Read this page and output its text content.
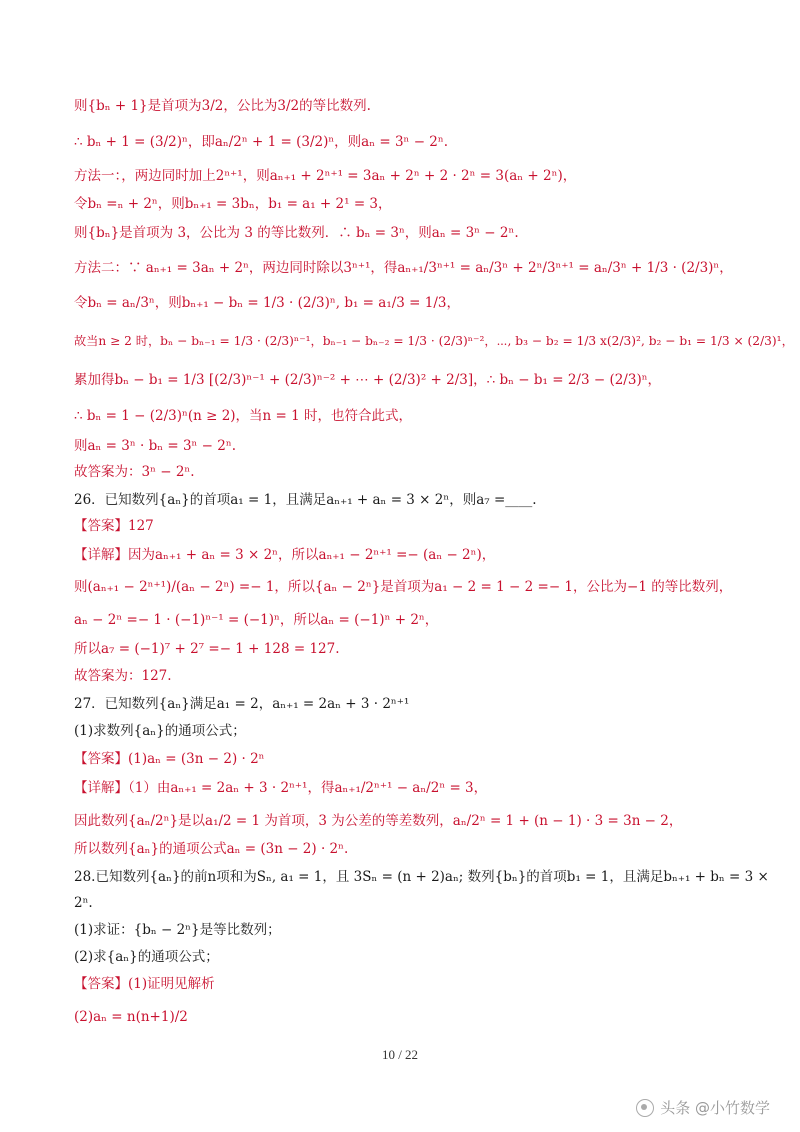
则{bₙ + 1}是首项为3/2，公比为3/2的等比数列.
∴ bₙ + 1 = (3/2)ⁿ，即aₙ/2ⁿ + 1 = (3/2)ⁿ，则aₙ = 3ⁿ − 2ⁿ.
方法一：，两边同时加上2ⁿ⁺¹，则aₙ₊₁ + 2ⁿ⁺¹ = 3aₙ + 2ⁿ + 2 · 2ⁿ = 3(aₙ + 2ⁿ)，
令bₙ =ₙ + 2ⁿ，则bₙ₊₁ = 3bₙ，b₁ = a₁ + 2¹ = 3，
则{bₙ}是首项为 3，公比为 3 的等比数列．∴ bₙ = 3ⁿ，则aₙ = 3ⁿ − 2ⁿ.
方法二：∵ aₙ₊₁ = 3aₙ + 2ⁿ，两边同时除以3ⁿ⁺¹，得aₙ₊₁/3ⁿ⁺¹ = aₙ/3ⁿ + 2ⁿ/3ⁿ⁺¹ = aₙ/3ⁿ + 1/3 · (2/3)ⁿ，
令bₙ = aₙ/3ⁿ，则bₙ₊₁ − bₙ = 1/3 · (2/3)ⁿ, b₁ = a₁/3 = 1/3，
故当n ≥ 2 时，bₙ − bₙ₋₁ = 1/3 · (2/3)ⁿ⁻¹，bₙ₋₁ − bₙ₋₂ = 1/3 · (2/3)ⁿ⁻²，⋯, b₃ − b₂ = 1/3 x(2/3)², b₂ − b₁ = 1/3 × (2/3)¹，
累加得bₙ − b₁ = 1/3 [(2/3)ⁿ⁻¹ + (2/3)ⁿ⁻² + ⋯ + (2/3)² + 2/3]，∴ bₙ − b₁ = 2/3 − (2/3)ⁿ，
∴ bₙ = 1 − (2/3)ⁿ(n ≥ 2)，当n = 1 时，也符合此式，
则aₙ = 3ⁿ · bₙ = 3ⁿ − 2ⁿ.
故答案为：3ⁿ − 2ⁿ.
26．已知数列{aₙ}的首项a₁ = 1，且满足aₙ₊₁ + aₙ = 3 × 2ⁿ，则a₇ =____.
【答案】127
【详解】因为aₙ₊₁ + aₙ = 3 × 2ⁿ，所以aₙ₊₁ − 2ⁿ⁺¹ =− (aₙ − 2ⁿ)，
则(aₙ₊₁ − 2ⁿ⁺¹)/(aₙ − 2ⁿ) =− 1，所以{aₙ − 2ⁿ}是首项为a₁ − 2 = 1 − 2 =− 1，公比为−1 的等比数列，
aₙ − 2ⁿ =− 1 · (−1)ⁿ⁻¹ = (−1)ⁿ，所以aₙ = (−1)ⁿ + 2ⁿ，
所以a₇ = (−1)⁷ + 2⁷ =− 1 + 128 = 127.
故答案为：127.
27．已知数列{aₙ}满足a₁ = 2，aₙ₊₁ = 2aₙ + 3 · 2ⁿ⁺¹
(1)求数列{aₙ}的通项公式；
【答案】(1)aₙ = (3n − 2) · 2ⁿ
【详解】（1）由aₙ₊₁ = 2aₙ + 3 · 2ⁿ⁺¹，得aₙ₊₁/2ⁿ⁺¹ − aₙ/2ⁿ = 3，
因此数列{aₙ/2ⁿ}是以a₁/2 = 1 为首项，3 为公差的等差数列，aₙ/2ⁿ = 1 + (n − 1) · 3 = 3n − 2，
所以数列{aₙ}的通项公式aₙ = (3n − 2) · 2ⁿ.
28.已知数列{aₙ}的前n项和为Sₙ, a₁ = 1，且 3Sₙ = (n + 2)aₙ; 数列{bₙ}的首项b₁ = 1，且满足bₙ₊₁ + bₙ = 3 ×
2ⁿ.
(1)求证：{bₙ − 2ⁿ}是等比数列；
(2)求{aₙ}的通项公式；
【答案】(1)证明见解析
(2)aₙ = n(n+1)/2
10 / 22
头条 @小竹数学
